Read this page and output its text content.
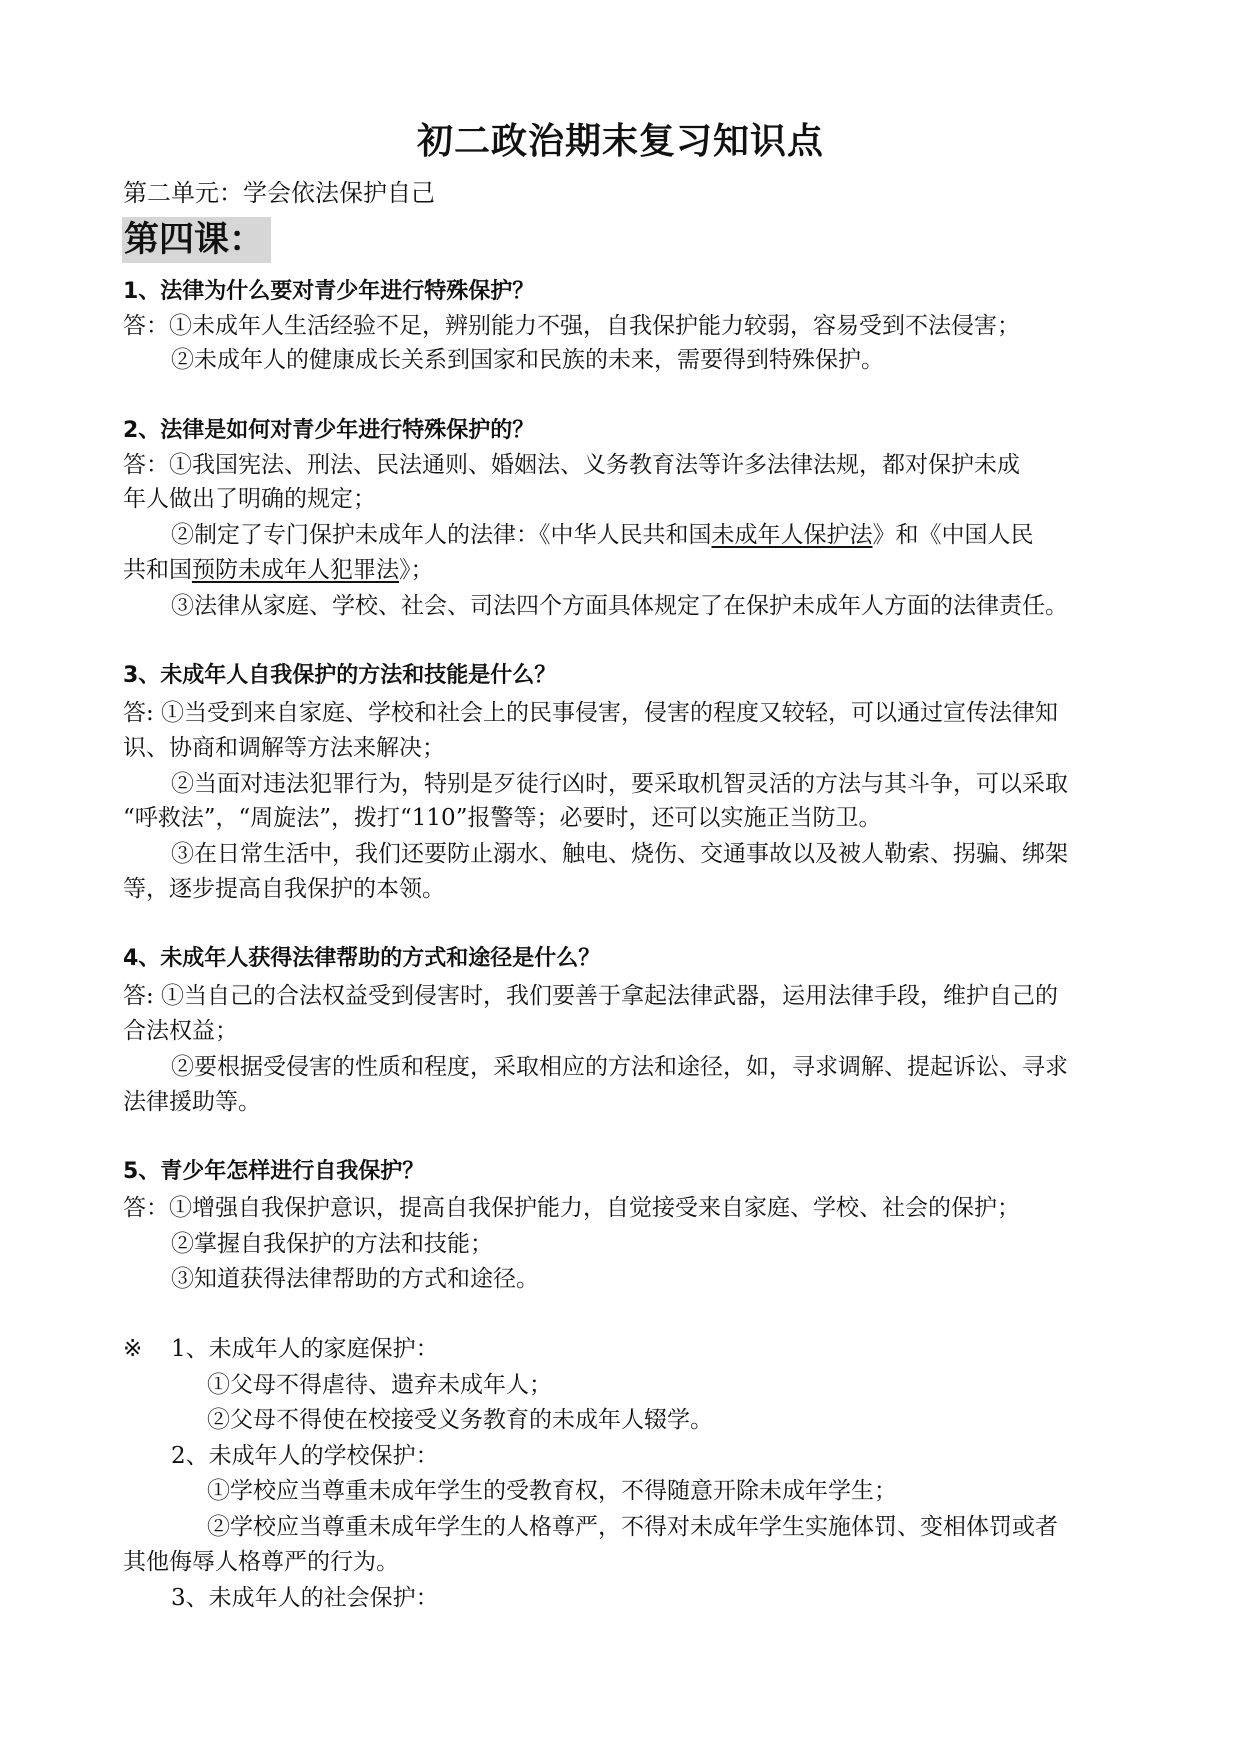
初二政治期末复习知识点
第二单元：学会依法保护自己
第四课：
1、法律为什么要对青少年进行特殊保护？
答：①未成年人生活经验不足，辨别能力不强，自我保护能力较弱，容易受到不法侵害；
②未成年人的健康成长关系到国家和民族的未来，需要得到特殊保护。
2、法律是如何对青少年进行特殊保护的？
答：①我国宪法、刑法、民法通则、婚姻法、义务教育法等许多法律法规，都对保护未成
年人做出了明确的规定；
②制定了专门保护未成年人的法律：《中华人民共和国未成年人保护法》和《中国人民
共和国预防未成年人犯罪法》；
③法律从家庭、学校、社会、司法四个方面具体规定了在保护未成年人方面的法律责任。
3、未成年人自我保护的方法和技能是什么？
答: ①当受到来自家庭、学校和社会上的民事侵害，侵害的程度又较轻，可以通过宣传法律知
识、协商和调解等方法来解决；
②当面对违法犯罪行为，特别是歹徒行凶时，要采取机智灵活的方法与其斗争，可以采取
“呼救法”，“周旋法”，拨打“110”报警等；必要时，还可以实施正当防卫。
③在日常生活中，我们还要防止溺水、触电、烧伤、交通事故以及被人勒索、拐骗、绑架
等，逐步提高自我保护的本领。
4、未成年人获得法律帮助的方式和途径是什么？
答: ①当自己的合法权益受到侵害时，我们要善于拿起法律武器，运用法律手段，维护自己的
合法权益；
②要根据受侵害的性质和程度，采取相应的方法和途径，如，寻求调解、提起诉讼、寻求
法律援助等。
5、青少年怎样进行自我保护？
答：①增强自我保护意识，提高自我保护能力，自觉接受来自家庭、学校、社会的保护；
②掌握自我保护的方法和技能；
③知道获得法律帮助的方式和途径。
※ 1、未成年人的家庭保护：
①父母不得虐待、遗弃未成年人；
②父母不得使在校接受义务教育的未成年人辍学。
2、未成年人的学校保护：
①学校应当尊重未成年学生的受教育权，不得随意开除未成年学生；
②学校应当尊重未成年学生的人格尊严，不得对未成年学生实施体罚、变相体罚或者
其他侮辱人格尊严的行为。
3、未成年人的社会保护：
